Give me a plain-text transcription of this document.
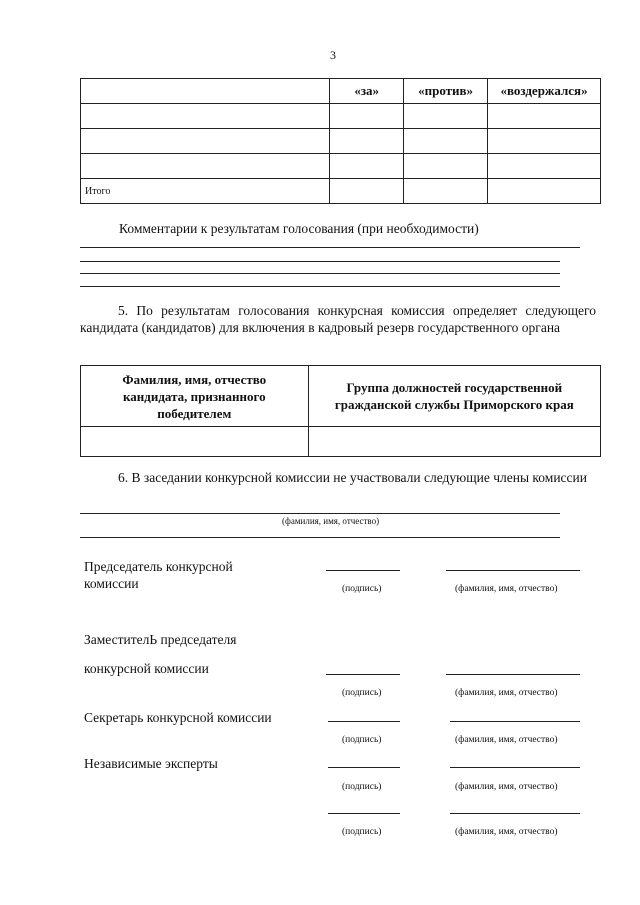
3
	«за»	«против»	«воздержался»

Итого			
Комментарии к результатам голосования (при необходимости)
5. По результатам голосования конкурсная комиссия определяет следующего кандидата (кандидатов) для включения в кадровый резерв государственного органа
Фамилия, имя, отчество кандидата, признанного победителем	Группа должностей государственной гражданской службы Приморского края

6. В заседании конкурсной комиссии не участвовали следующие члены комиссии
(фамилия, имя, отчество)
Председатель конкурсной комиссии	(подпись)	(фамилия, имя, отчество)
ЗаместителЬ председателя
конкурсной комиссии
(подпись)	(фамилия, имя, отчество)
Секретарь конкурсной комиссии
(подпись)	(фамилия, имя, отчество)
Независимые эксперты
(подпись)	(фамилия, имя, отчество)
(подпись)	(фамилия, имя, отчество)
